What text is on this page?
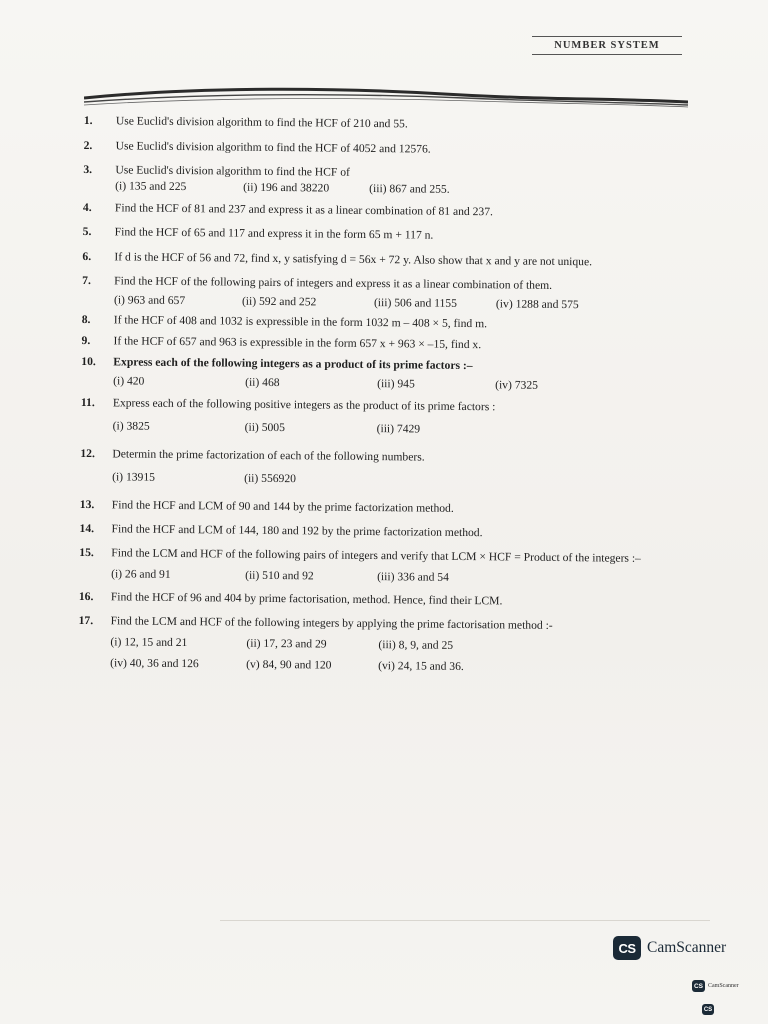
NUMBER SYSTEM
1. Use Euclid's division algorithm to find the HCF of 210 and 55.
2. Use Euclid's division algorithm to find the HCF of 4052 and 12576.
3. Use Euclid's division algorithm to find the HCF of
(i) 135 and 225	(ii) 196 and 38220	(iii) 867 and 255.
4. Find the HCF of 81 and 237 and express it as a linear combination of 81 and 237.
5. Find the HCF of 65 and 117 and express it in the form 65 m + 117 n.
6. If d is the HCF of 56 and 72, find x, y satisfying d = 56x + 72 y. Also show that x and y are not unique.
7. Find the HCF of the following pairs of integers and express it as a linear combination of them.
(i) 963 and 657	(ii) 592 and 252	(iii) 506 and 1155	(iv) 1288 and 575
8. If the HCF of 408 and 1032 is expressible in the form 1032 m – 408 × 5, find m.
9. If the HCF of 657 and 963 is expressible in the form 657 x + 963 × –15, find x.
10. Express each of the following integers as a product of its prime factors :–
(i) 420	(ii) 468	(iii) 945	(iv) 7325
11. Express each of the following positive integers as the product of its prime factors :
(i) 3825	(ii) 5005	(iii) 7429
12. Determin the prime factorization of each of the following numbers.
(i) 13915	(ii) 556920
13. Find the HCF and LCM of 90 and 144 by the prime factorization method.
14. Find the HCF and LCM of 144, 180 and 192 by the prime factorization method.
15. Find the LCM and HCF of the following pairs of integers and verify that LCM × HCF = Product of the integers :–
(i) 26 and 91	(ii) 510 and 92	(iii) 336 and 54
16. Find the HCF of 96 and 404 by prime factorisation, method. Hence, find their LCM.
17. Find the LCM and HCF of the following integers by applying the prime factorisation method :-
(i) 12, 15 and 21	(ii) 17, 23 and 29	(iii) 8, 9, and 25
(iv) 40, 36 and 126	(v) 84, 90 and 120	(vi) 24, 15 and 36.
CS CamScanner
CS CamScanner
CS
